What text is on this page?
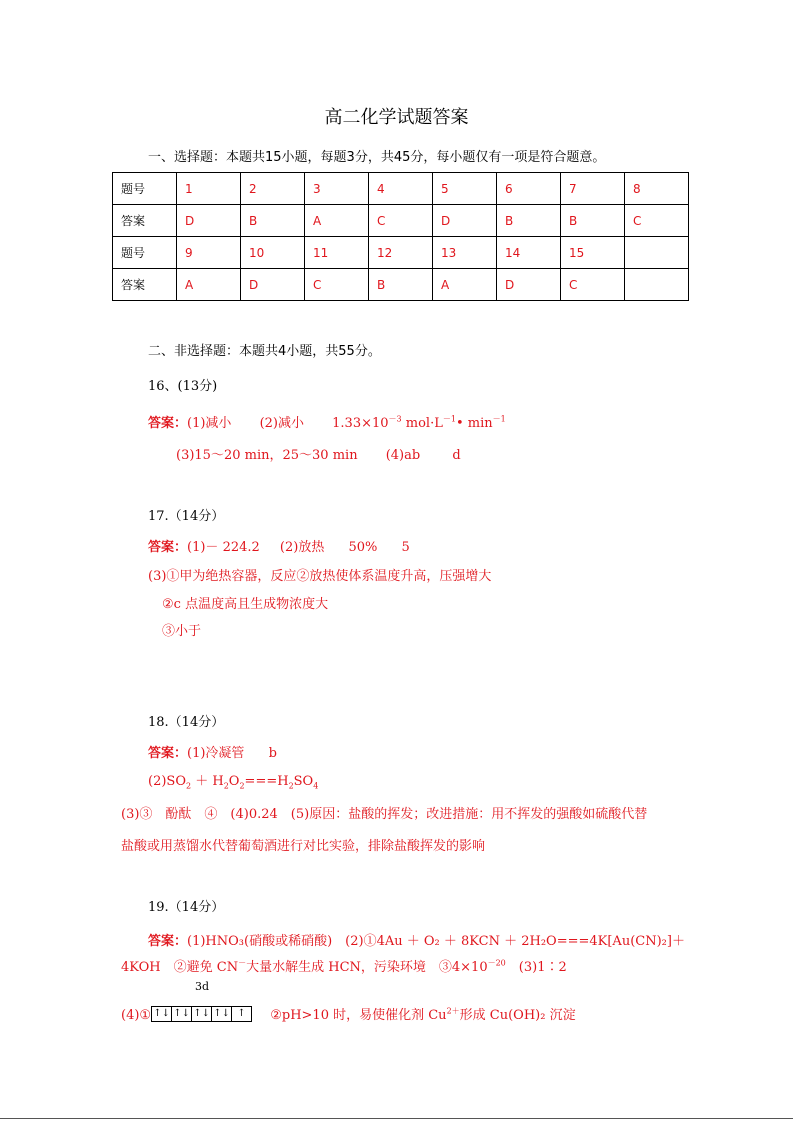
高二化学试题答案
一、选择题：本题共15小题，每题3分，共45分，每小题仅有一项是符合题意。
题号	1	2	3	4	5	6	7	8
答案	D	B	A	C	D	B	B	C
题号	9	10	11	12	13	14	15	
答案	A	D	C	B	A	D	C	
二、非选择题：本题共4小题，共55分。
16、(13分)
答案：(1)减小 (2)减小 $1.33\times 10^{-3}$ $mol\cdot L^{-1}•$ $\min^{-1}$
(3)15～20 min，25～30 min (4)ab d
17.（14分）
答案：(1)－ 224.2 (2)放热 50% 5
(3)①甲为绝热容器，反应②放热使体系温度升高，压强增大
②c 点温度高且生成物浓度大
③小于
18.（14分）
答案：(1)冷凝管 b
$(2)SO_2 + H_2O_2===H_2SO_4$
(3)③　酚酞　④　(4)0.24　(5)原因：盐酸的挥发；改进措施：用不挥发的强酸如硫酸代替
盐酸或用蒸馏水代替葡萄酒进行对比实验，排除盐酸挥发的影响
19.（14分）
答案：(1)HNO₃(硝酸或稀硝酸)　(2)①4Au ＋ O₂ ＋ 8KCN ＋ 2H₂O===4K[Au(CN)₂]＋
4KOH　②避免 CN－大量水解生成 HCN，污染环境　$③4\times 10^{-20}$　(3)1∶2
3d
(4)① ↑↓ ↑↓ ↑↓ ↑↓ ↑ ②pH>10 时，易使催化剂 $Cu^{2+}$形成 Cu(OH)₂ 沉淀
